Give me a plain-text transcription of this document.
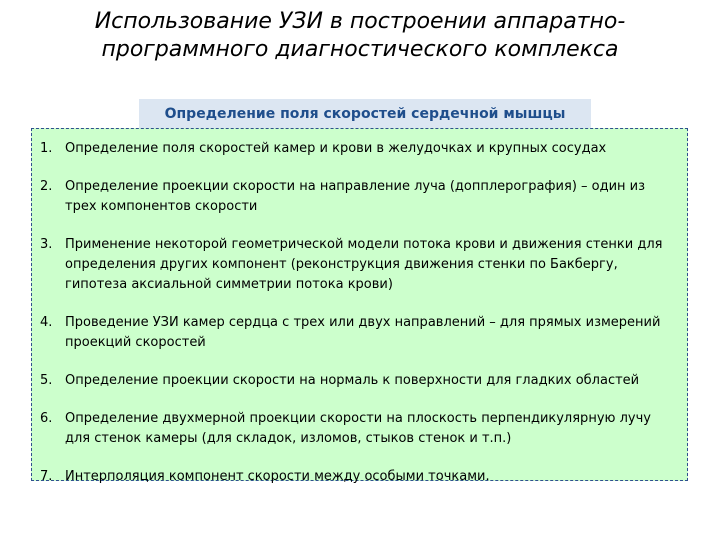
Использование УЗИ в построении аппаратно-программного диагностического комплекса
Определение поля скоростей сердечной мышцы
1. Определение поля скоростей камер и крови в желудочках и крупных сосудах
2. Определение проекции скорости на направление луча (допплерография) – один из трех компонентов скорости
3. Применение некоторой геометрической модели потока крови и движения стенки для определения других компонент (реконструкция движения стенки по Бакбергу, гипотеза аксиальной симметрии потока крови)
4. Проведение УЗИ камер сердца с трех или двух направлений – для прямых измерений проекций скоростей
5. Определение проекции скорости на нормаль к поверхности для гладких областей
6. Определение двухмерной проекции скорости на плоскость перпендикулярную лучу для стенок камеры (для складок, изломов, стыков стенок и т.п.)
7. Интерполяция компонент скорости между особыми точками.
